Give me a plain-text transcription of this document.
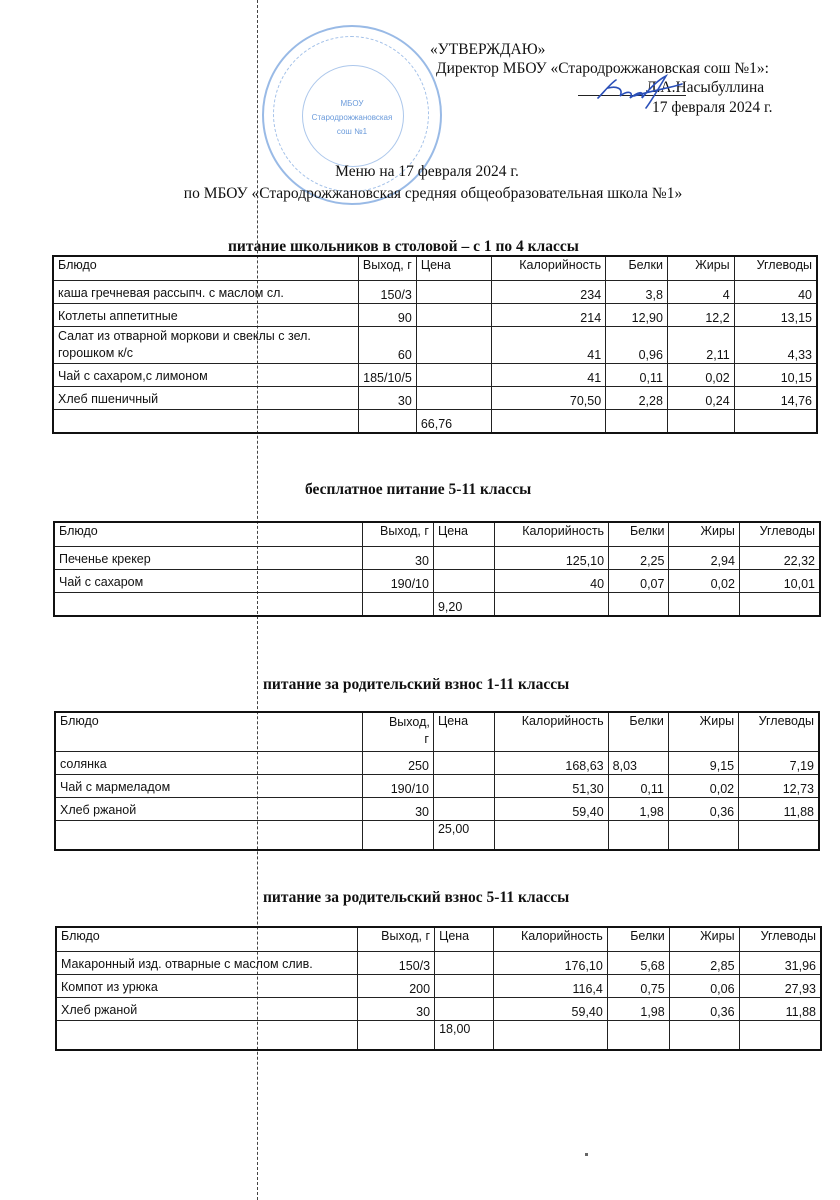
МБОУ
Стародрожжановская
сош №1
«УТВЕРЖДАЮ»
Директор МБОУ «Стародрожжановская сош №1»:
Л.А.Насыбуллина
17 февраля 2024 г.
Меню на 17 февраля 2024 г.
по МБОУ «Стародрожжановская средняя общеобразовательная школа №1»
питание школьников в столовой – с 1 по 4 классы
Блюдо	Выход, г	Цена	Калорийность	Белки	Жиры	Углеводы
каша гречневая рассыпч. с маслом сл.	150/3		234	3,8	4	40
Котлеты аппетитные	90		214	12,90	12,2	13,15
Салат из отварной моркови и свеклы с зел. горошком к/с	60		41	0,96	2,11	4,33
Чай с сахаром,с лимоном	185/10/5		41	0,11	0,02	10,15
Хлеб пшеничный	30		70,50	2,28	0,24	14,76
		66,76				
бесплатное питание 5-11 классы
Блюдо	Выход, г	Цена	Калорийность	Белки	Жиры	Углеводы
Печенье крекер	30		125,10	2,25	2,94	22,32
Чай с сахаром	190/10		40	0,07	0,02	10,01
		9,20				
питание за родительский взнос 1-11 классы
Блюдо	Выход, г	Цена	Калорийность	Белки	Жиры	Углеводы
солянка	250		168,63	8,03	9,15	7,19
Чай с мармеладом	190/10		51,30	0,11	0,02	12,73
Хлеб ржаной	30		59,40	1,98	0,36	11,88
		25,00				
питание за родительский взнос 5-11 классы
Блюдо	Выход, г	Цена	Калорийность	Белки	Жиры	Углеводы
Макаронный изд. отварные с маслом слив.	150/3		176,10	5,68	2,85	31,96
Компот из урюка	200		116,4	0,75	0,06	27,93
Хлеб ржаной	30		59,40	1,98	0,36	11,88
		18,00				
